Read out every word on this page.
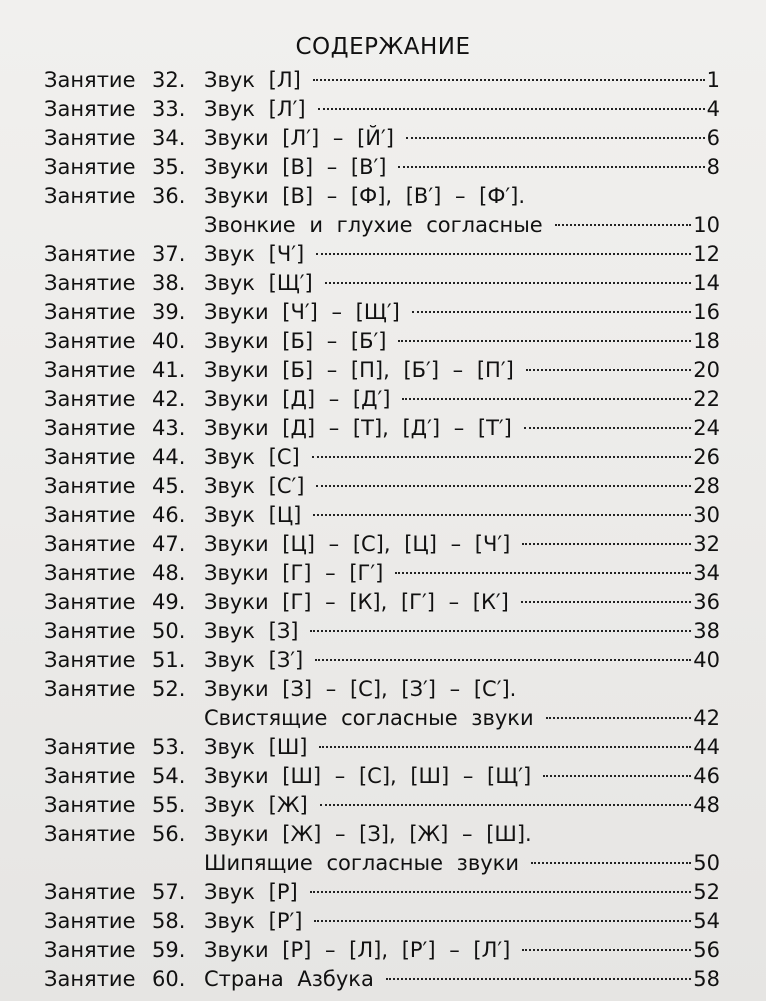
СОДЕРЖАНИЕ
Занятие 32. Звук [Л]	1
Занятие 33. Звук [Л′]	4
Занятие 34. Звуки [Л′] – [Й′]	6
Занятие 35. Звуки [В] – [В′]	8
Занятие 36. Звуки [В] – [Ф], [В′] – [Ф′].
Звонкие и глухие согласные	10
Занятие 37. Звук [Ч′]	12
Занятие 38. Звук [Щ′]	14
Занятие 39. Звуки [Ч′] – [Щ′]	16
Занятие 40. Звуки [Б] – [Б′]	18
Занятие 41. Звуки [Б] – [П], [Б′] – [П′]	20
Занятие 42. Звуки [Д] – [Д′]	22
Занятие 43. Звуки [Д] – [Т], [Д′] – [Т′]	24
Занятие 44. Звук [С]	26
Занятие 45. Звук [С′]	28
Занятие 46. Звук [Ц]	30
Занятие 47. Звуки [Ц] – [С], [Ц] – [Ч′]	32
Занятие 48. Звуки [Г] – [Г′]	34
Занятие 49. Звуки [Г] – [К], [Г′] – [К′]	36
Занятие 50. Звук [З]	38
Занятие 51. Звук [З′]	40
Занятие 52. Звуки [З] – [С], [З′] – [С′].
Свистящие согласные звуки	42
Занятие 53. Звук [Ш]	44
Занятие 54. Звуки [Ш] – [С], [Ш] – [Щ′]	46
Занятие 55. Звук [Ж]	48
Занятие 56. Звуки [Ж] – [З], [Ж] – [Ш].
Шипящие согласные звуки	50
Занятие 57. Звук [Р]	52
Занятие 58. Звук [Р′]	54
Занятие 59. Звуки [Р] – [Л], [Р′] – [Л′]	56
Занятие 60. Страна Азбука	58
